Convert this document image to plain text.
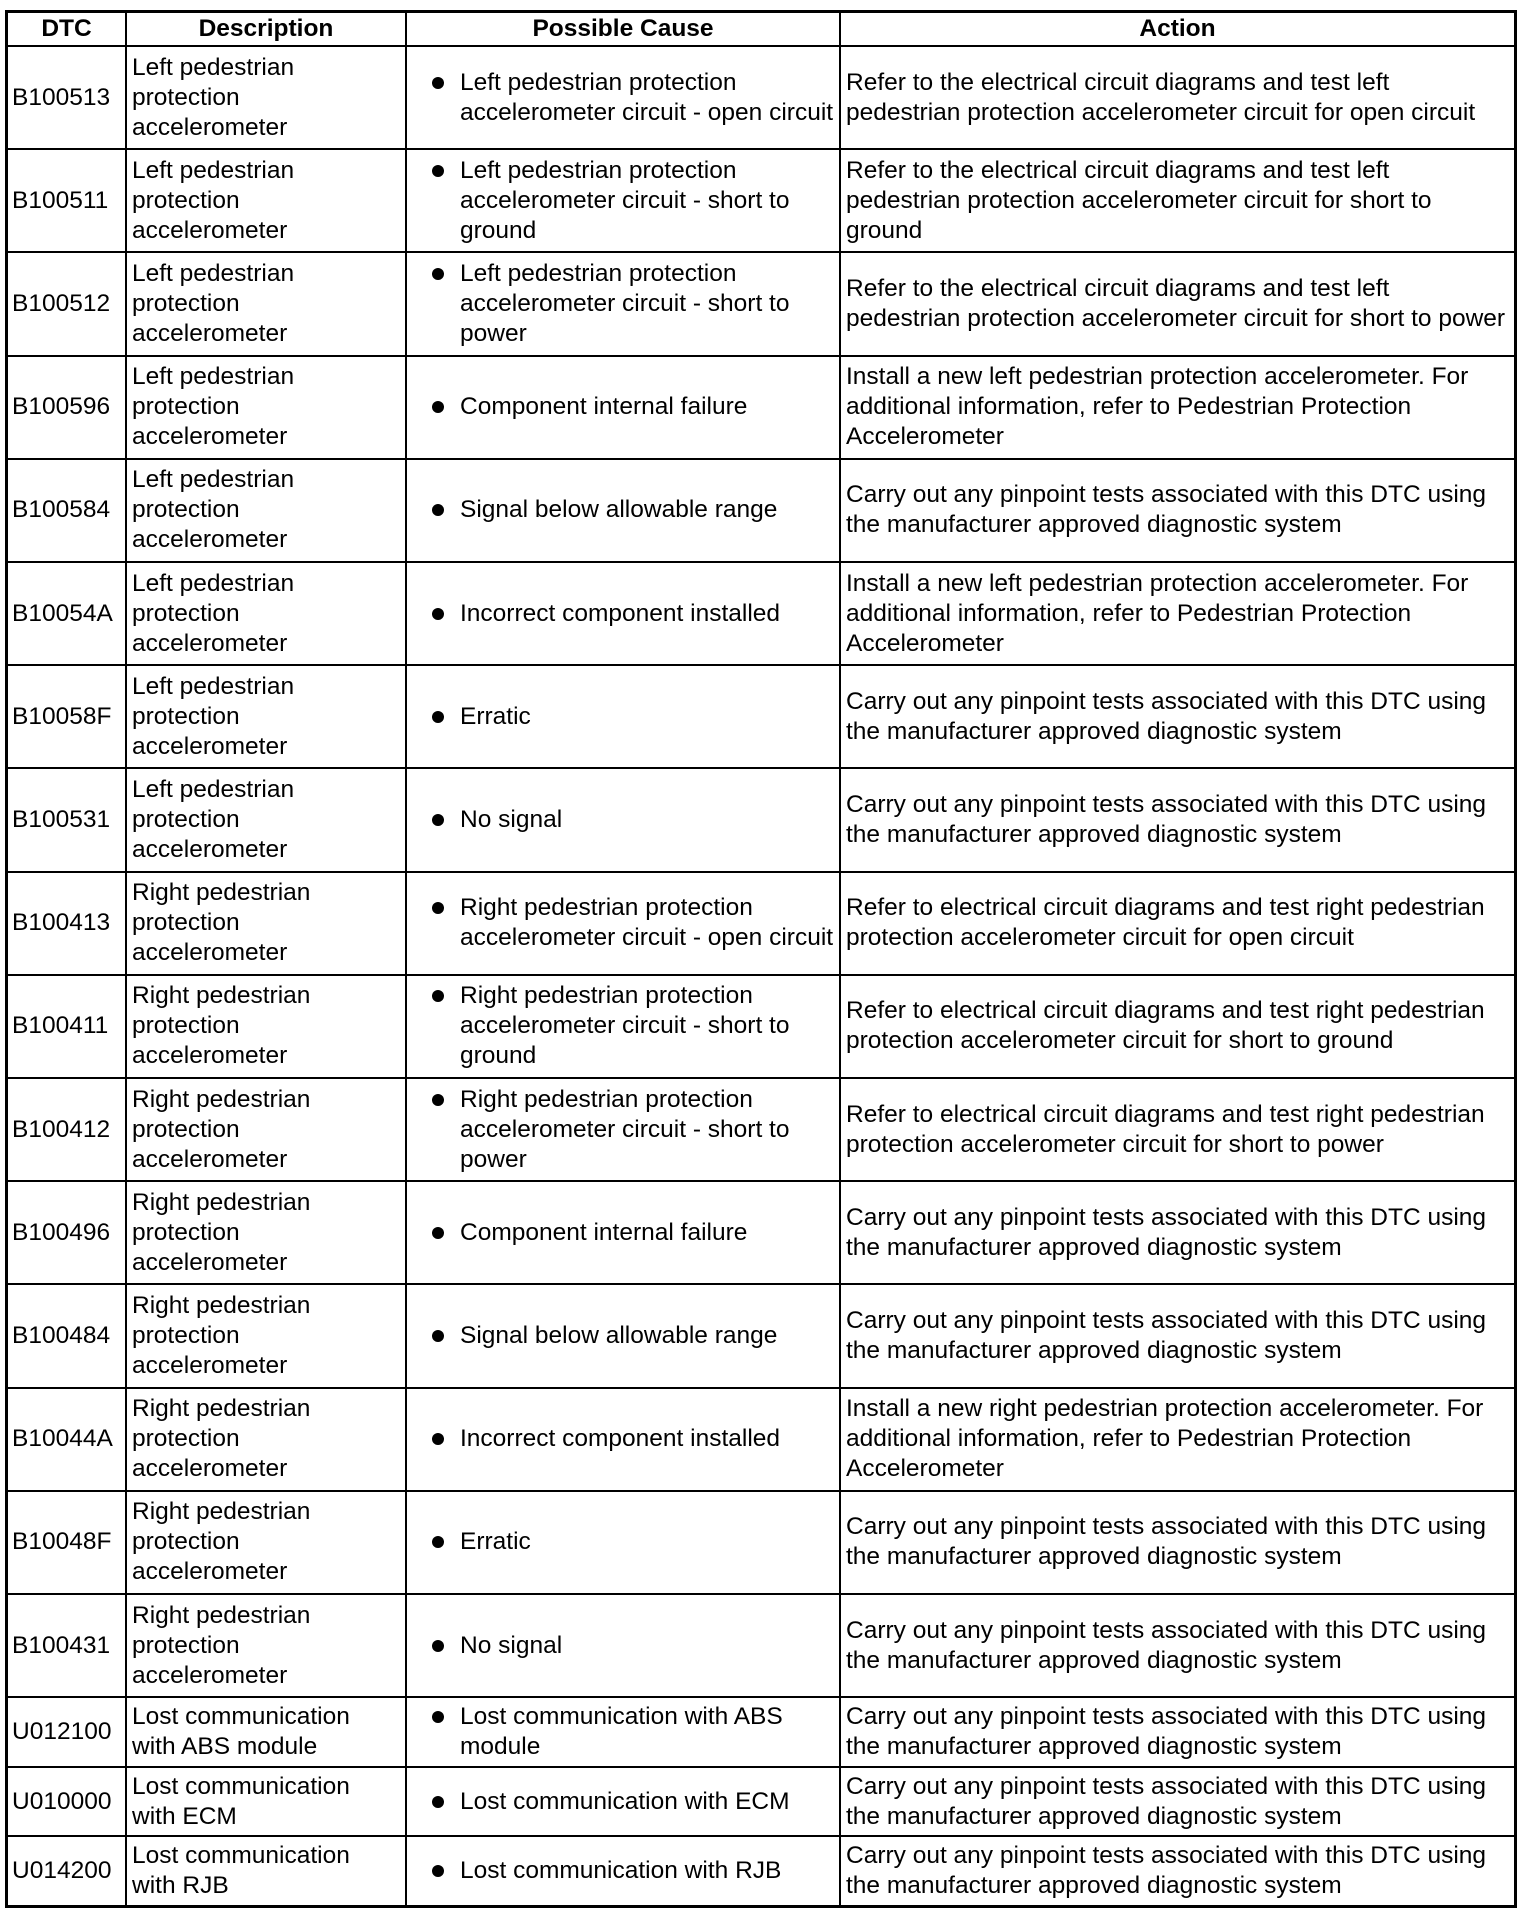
DTC	Description	Possible Cause	Action
B100513	Left pedestrian protection accelerometer	Left pedestrian protection accelerometer circuit - open circuit	Refer to the electrical circuit diagrams and test left pedestrian protection accelerometer circuit for open circuit
B100511	Left pedestrian protection accelerometer	Left pedestrian protection accelerometer circuit - short to ground	Refer to the electrical circuit diagrams and test left pedestrian protection accelerometer circuit for short to ground
B100512	Left pedestrian protection accelerometer	Left pedestrian protection accelerometer circuit - short to power	Refer to the electrical circuit diagrams and test left pedestrian protection accelerometer circuit for short to power
B100596	Left pedestrian protection accelerometer	Component internal failure	Install a new left pedestrian protection accelerometer. For additional information, refer to Pedestrian Protection Accelerometer
B100584	Left pedestrian protection accelerometer	Signal below allowable range	Carry out any pinpoint tests associated with this DTC using the manufacturer approved diagnostic system
B10054A	Left pedestrian protection accelerometer	Incorrect component installed	Install a new left pedestrian protection accelerometer. For additional information, refer to Pedestrian Protection Accelerometer
B10058F	Left pedestrian protection accelerometer	Erratic	Carry out any pinpoint tests associated with this DTC using the manufacturer approved diagnostic system
B100531	Left pedestrian protection accelerometer	No signal	Carry out any pinpoint tests associated with this DTC using the manufacturer approved diagnostic system
B100413	Right pedestrian protection accelerometer	Right pedestrian protection accelerometer circuit - open circuit	Refer to electrical circuit diagrams and test right pedestrian protection accelerometer circuit for open circuit
B100411	Right pedestrian protection accelerometer	Right pedestrian protection accelerometer circuit - short to ground	Refer to electrical circuit diagrams and test right pedestrian protection accelerometer circuit for short to ground
B100412	Right pedestrian protection accelerometer	Right pedestrian protection accelerometer circuit - short to power	Refer to electrical circuit diagrams and test right pedestrian protection accelerometer circuit for short to power
B100496	Right pedestrian protection accelerometer	Component internal failure	Carry out any pinpoint tests associated with this DTC using the manufacturer approved diagnostic system
B100484	Right pedestrian protection accelerometer	Signal below allowable range	Carry out any pinpoint tests associated with this DTC using the manufacturer approved diagnostic system
B10044A	Right pedestrian protection accelerometer	Incorrect component installed	Install a new right pedestrian protection accelerometer. For additional information, refer to Pedestrian Protection Accelerometer
B10048F	Right pedestrian protection accelerometer	Erratic	Carry out any pinpoint tests associated with this DTC using the manufacturer approved diagnostic system
B100431	Right pedestrian protection accelerometer	No signal	Carry out any pinpoint tests associated with this DTC using the manufacturer approved diagnostic system
U012100	Lost communication with ABS module	Lost communication with ABS module	Carry out any pinpoint tests associated with this DTC using the manufacturer approved diagnostic system
U010000	Lost communication with ECM	Lost communication with ECM	Carry out any pinpoint tests associated with this DTC using the manufacturer approved diagnostic system
U014200	Lost communication with RJB	Lost communication with RJB	Carry out any pinpoint tests associated with this DTC using the manufacturer approved diagnostic system
